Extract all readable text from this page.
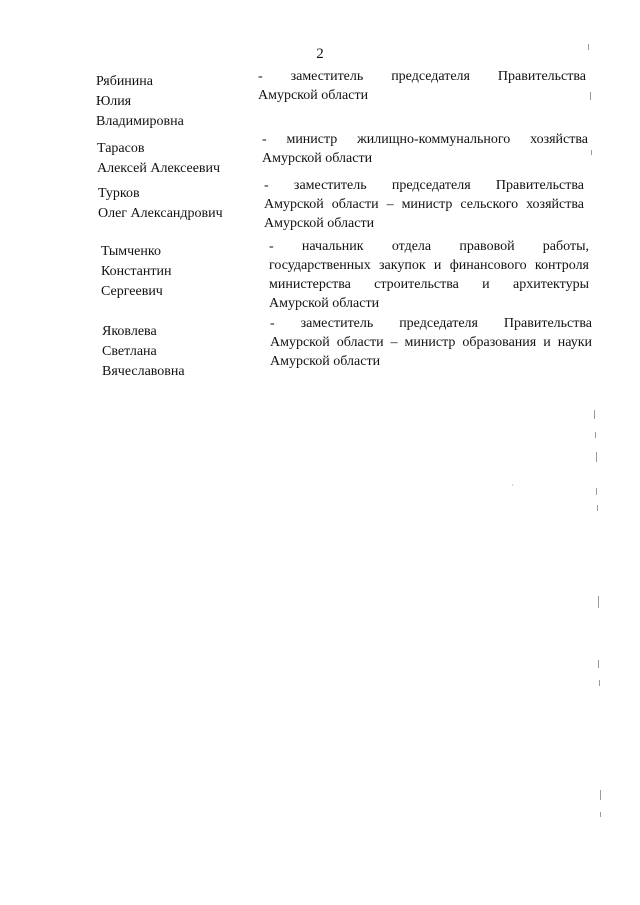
2
Рябинина
Юлия
Владимировна
- заместитель председателя Правительства
Амурской области
Тарасов
Алексей Алексеевич
- министр жилищно-коммунального хозяйства
Амурской области
Турков
Олег Александрович
- заместитель председателя Правительства
Амурской области – министр сельского хозяйства
Амурской области
Тымченко
Константин
Сергеевич
- начальник отдела правовой работы,
государственных закупок и финансового контроля
министерства строительства и архитектуры
Амурской области
Яковлева
Светлана
Вячеславовна
- заместитель председателя Правительства
Амурской области – министр образования и науки
Амурской области
